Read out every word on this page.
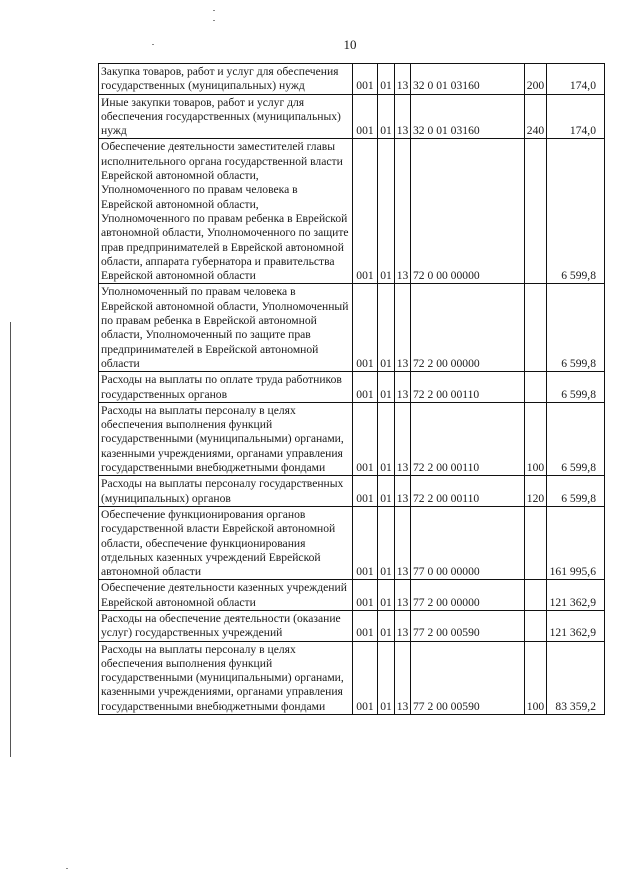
10
Закупка товаров, работ и услуг для обеспечения государственных (муниципальных) нужд	001	01	13	32 0 01 03160	200	174,0
Иные закупки товаров, работ и услуг для обеспечения государственных (муниципальных) нужд	001	01	13	32 0 01 03160	240	174,0
Обеспечение деятельности заместителей главы исполнительного органа государственной власти Еврейской автономной области, Уполномоченного по правам человека в Еврейской автономной области, Уполномоченного по правам ребенка в Еврейской автономной области, Уполномоченного по защите прав предпринимателей в Еврейской автономной области, аппарата губернатора и правительства Еврейской автономной области	001	01	13	72 0 00 00000		6 599,8
Уполномоченный по правам человека в Еврейской автономной области, Уполномоченный по правам ребенка в Еврейской автономной области, Уполномоченный по защите прав предпринимателей в Еврейской автономной области	001	01	13	72 2 00 00000		6 599,8
Расходы на выплаты по оплате труда работников государственных органов	001	01	13	72 2 00 00110		6 599,8
Расходы на выплаты персоналу в целях обеспечения выполнения функций государственными (муниципальными) органами, казенными учреждениями, органами управления государственными внебюджетными фондами	001	01	13	72 2 00 00110	100	6 599,8
Расходы на выплаты персоналу государственных (муниципальных) органов	001	01	13	72 2 00 00110	120	6 599,8
Обеспечение функционирования органов государственной власти Еврейской автономной области, обеспечение функционирования отдельных казенных учреждений Еврейской автономной области	001	01	13	77 0 00 00000		161 995,6
Обеспечение деятельности казенных учреждений Еврейской автономной области	001	01	13	77 2 00 00000		121 362,9
Расходы на обеспечение деятельности (оказание услуг) государственных учреждений	001	01	13	77 2 00 00590		121 362,9
Расходы на выплаты персоналу в целях обеспечения выполнения функций государственными (муниципальными) органами, казенными учреждениями, органами управления государственными внебюджетными фондами	001	01	13	77 2 00 00590	100	83 359,2
